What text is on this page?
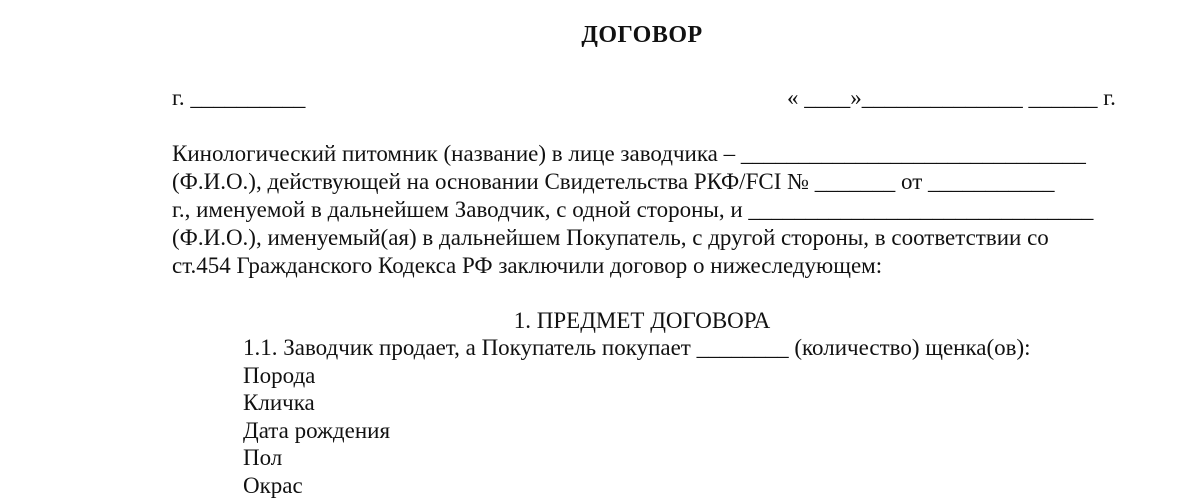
ДОГОВОР
г. __________	« ____»______________ ______ г.
Кинологический питомник (название) в лице заводчика – ______________________________
(Ф.И.О.), действующей на основании Свидетельства РКФ/FCI № _______ от ___________
г., именуемой в дальнейшем Заводчик, с одной стороны, и ______________________________
(Ф.И.О.), именуемый(ая) в дальнейшем Покупатель, с другой стороны, в соответствии со
ст.454 Гражданского Кодекса РФ заключили договор о нижеследующем:
1. ПРЕДМЕТ ДОГОВОРА
1.1. Заводчик продает, а Покупатель покупает ________ (количество) щенка(ов):
Порода
Кличка
Дата рождения
Пол
Окрас
